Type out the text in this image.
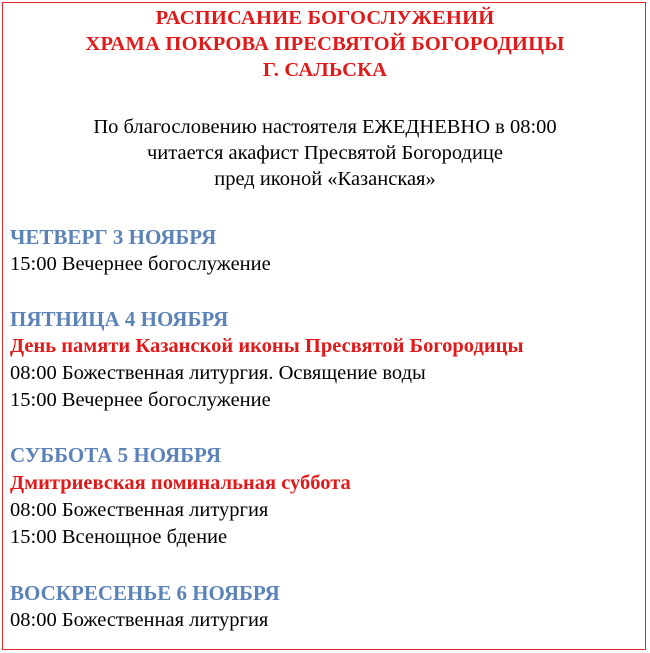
РАСПИСАНИЕ БОГОСЛУЖЕНИЙ
ХРАМА ПОКРОВА ПРЕСВЯТОЙ БОГОРОДИЦЫ
Г. САЛЬСКА
По благословению настоятеля ЕЖЕДНЕВНО в 08:00
читается акафист Пресвятой Богородице
пред иконой «Казанская»
ЧЕТВЕРГ 3 НОЯБРЯ
15:00 Вечернее богослужение
ПЯТНИЦА 4 НОЯБРЯ
День памяти Казанской иконы Пресвятой Богородицы
08:00 Божественная литургия. Освящение воды
15:00 Вечернее богослужение
СУББОТА 5 НОЯБРЯ
Дмитриевская поминальная суббота
08:00 Божественная литургия
15:00 Всенощное бдение
ВОСКРЕСЕНЬЕ 6 НОЯБРЯ
08:00 Божественная литургия
